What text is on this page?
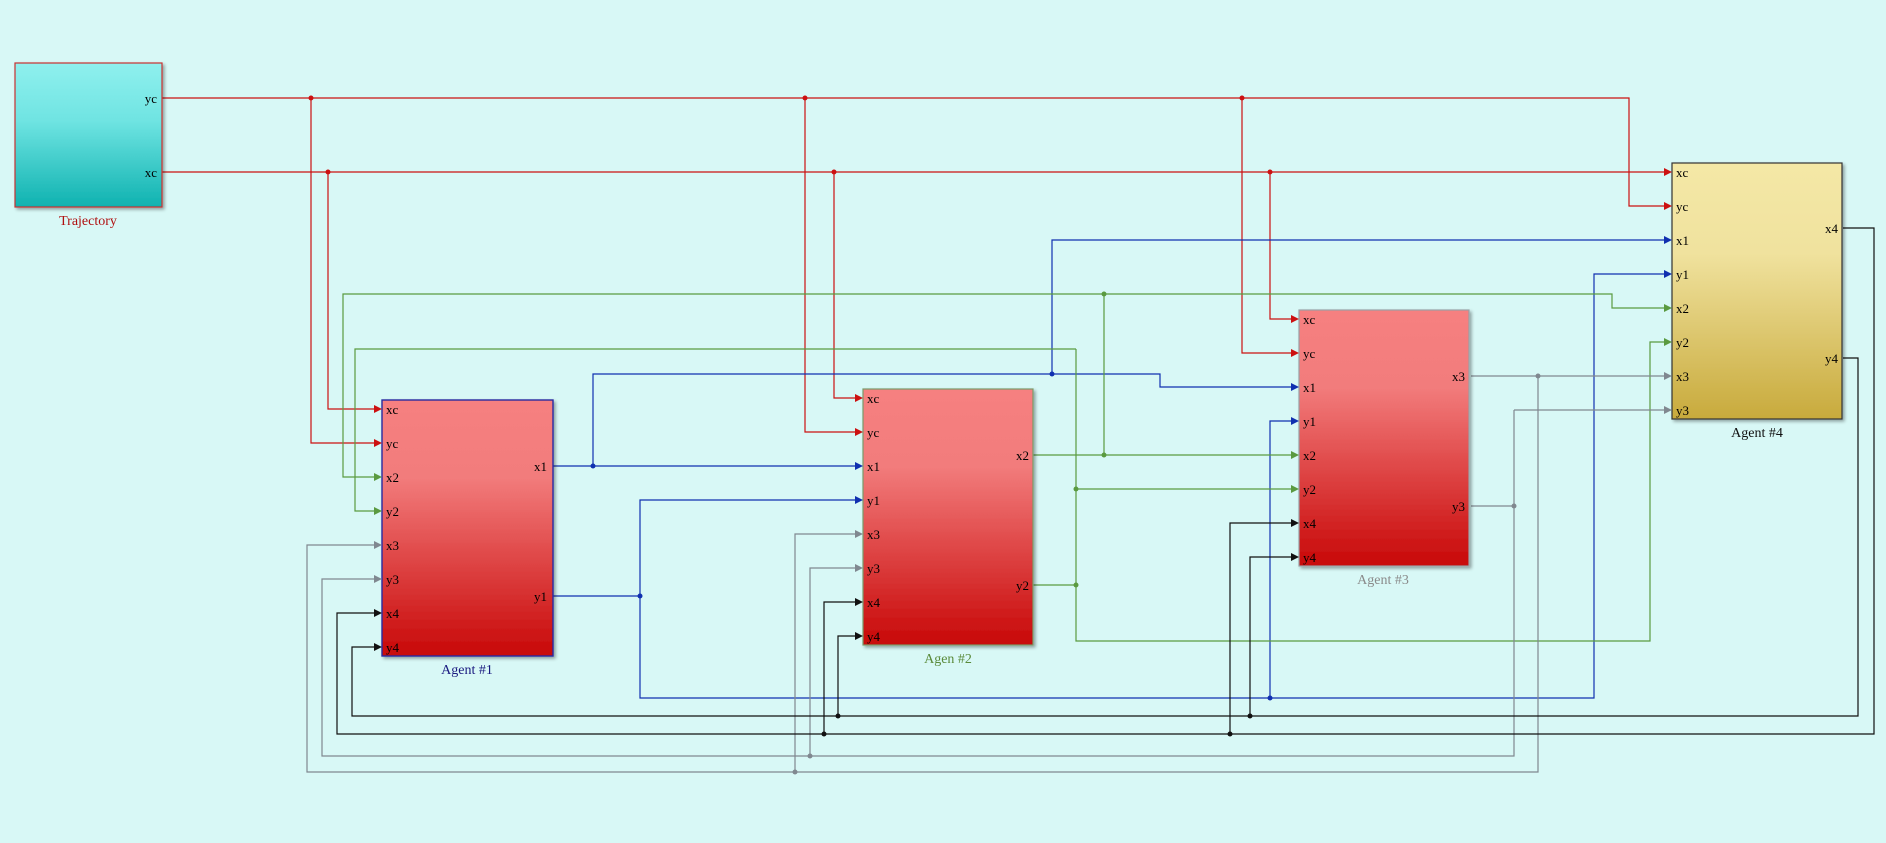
yc
xc
Trajectory
xc
yc
x2
y2
x3
y3
x4
y4
x1
y1
Agent #1
xc
yc
x1
y1
x3
y3
x4
y4
x2
y2
Agen #2
xc
yc
x1
y1
x2
y2
x4
y4
x3
y3
Agent #3
xc
yc
x1
y1
x2
y2
x3
y3
x4
y4
Agent #4
